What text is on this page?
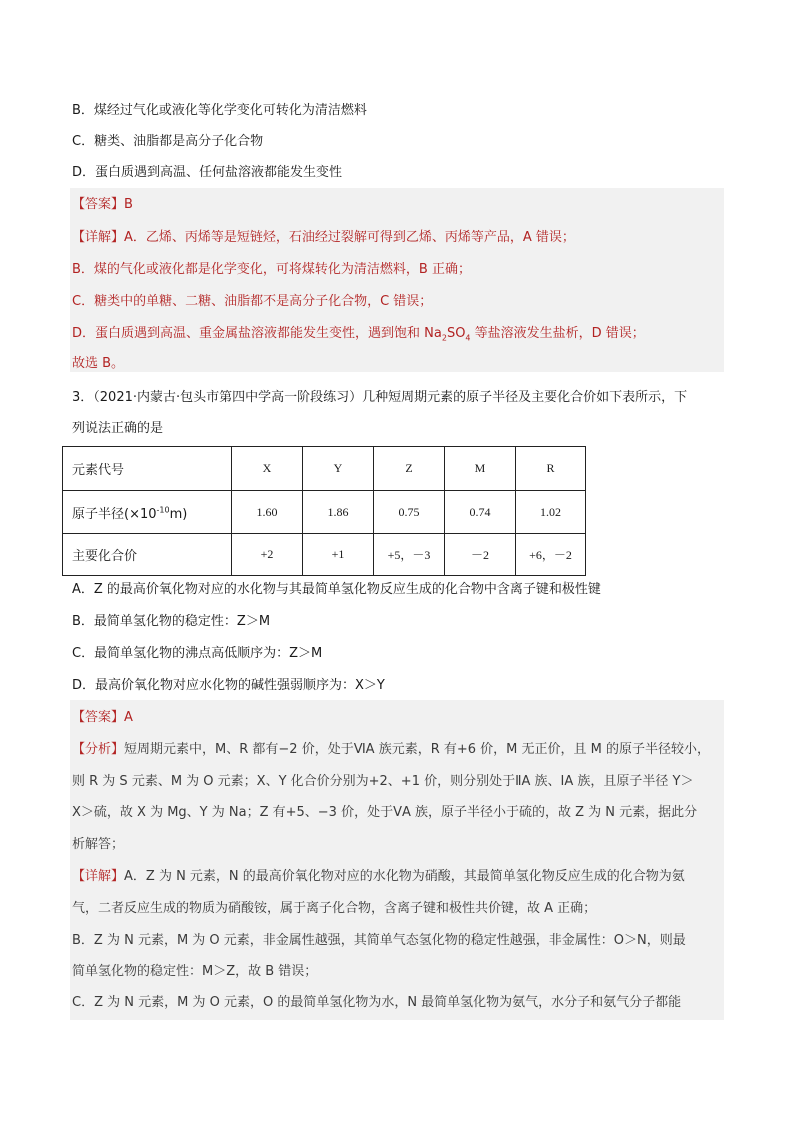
B．煤经过气化或液化等化学变化可转化为清洁燃料
C．糖类、油脂都是高分子化合物
D．蛋白质遇到高温、任何盐溶液都能发生变性
【答案】B
【详解】A．乙烯、丙烯等是短链烃，石油经过裂解可得到乙烯、丙烯等产品，A 错误；
B．煤的气化或液化都是化学变化，可将煤转化为清洁燃料，B 正确；
C．糖类中的单糖、二糖、油脂都不是高分子化合物，C 错误；
D．蛋白质遇到高温、重金属盐溶液都能发生变性，遇到饱和 $Na_2SO_4$ 等盐溶液发生盐析，D 错误；
故选 B。
3．（2021·内蒙古·包头市第四中学高一阶段练习）几种短周期元素的原子半径及主要化合价如下表所示，下
列说法正确的是
元素代号	X	Y	Z	M	R
原子半径$(\times 10^{-10}m)$	1.60	1.86	0.75	0.74	1.02
主要化合价	+2	+1	+5，－3	－2	+6，－2
A．Z 的最高价氧化物对应的水化物与其最简单氢化物反应生成的化合物中含离子键和极性键
B．最简单氢化物的稳定性：Z＞M
C．最简单氢化物的沸点高低顺序为：Z＞M
D．最高价氧化物对应水化物的碱性强弱顺序为：X＞Y
【答案】A
【分析】短周期元素中，M、R 都有−2 价，处于ⅥA 族元素，R 有+6 价，M 无正价，且 M 的原子半径较小，
则 R 为 S 元素、M 为 O 元素；X、Y 化合价分别为+2、+1 价，则分别处于ⅡA 族、ⅠA 族，且原子半径 Y＞
X＞硫，故 X 为 Mg、Y 为 Na；Z 有+5、−3 价，处于ⅤA 族，原子半径小于硫的，故 Z 为 N 元素，据此分
析解答；
【详解】A．Z 为 N 元素，N 的最高价氧化物对应的水化物为硝酸，其最简单氢化物反应生成的化合物为氨
气，二者反应生成的物质为硝酸铵，属于离子化合物，含离子键和极性共价键，故 A 正确；
B．Z 为 N 元素，M 为 O 元素，非金属性越强，其简单气态氢化物的稳定性越强，非金属性：O＞N，则最
简单氢化物的稳定性：M＞Z，故 B 错误；
C．Z 为 N 元素，M 为 O 元素，O 的最简单氢化物为水，N 最简单氢化物为氨气，水分子和氨气分子都能
